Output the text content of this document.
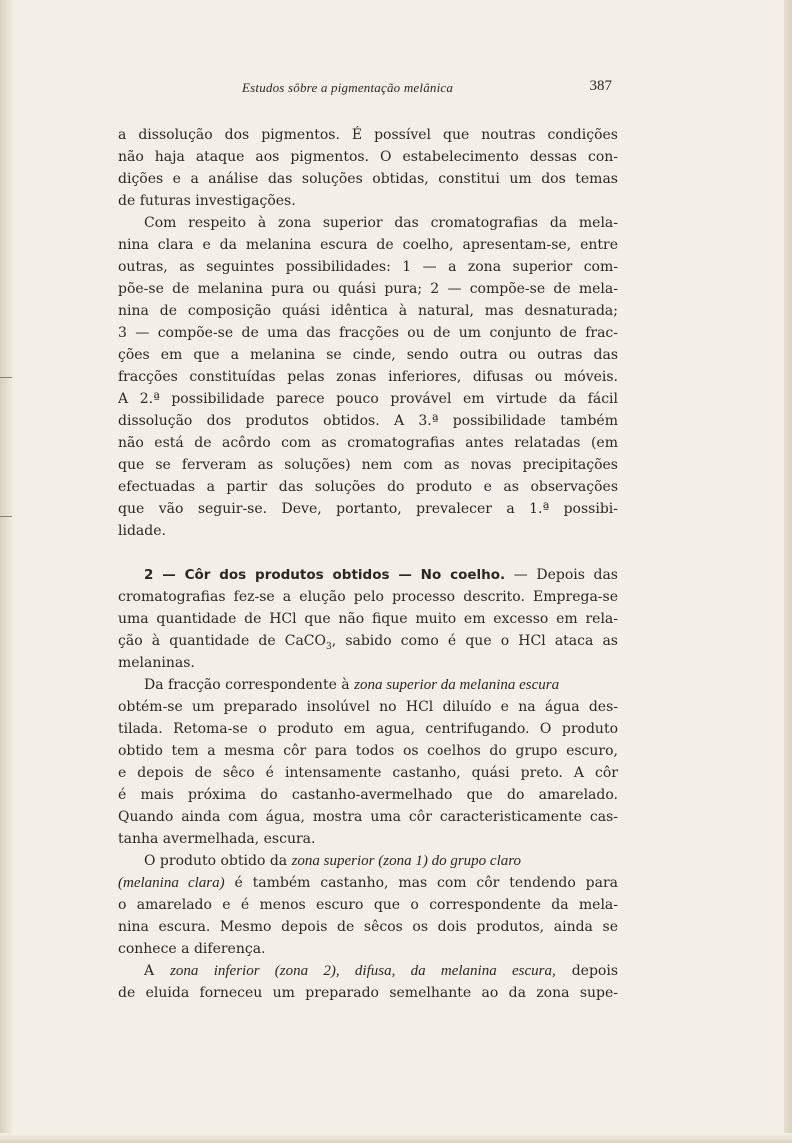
Estudos sôbre a pigmentação melânica	387
a dissolução dos pigmentos. É possível que noutras condições
não haja ataque aos pigmentos. O estabelecimento dessas con-
dições e a análise das soluções obtidas, constitui um dos temas
de futuras investigações.
Com respeito à zona superior das cromatografias da mela-
nina clara e da melanina escura de coelho, apresentam-se, entre
outras, as seguintes possibilidades: 1 — a zona superior com-
põe-se de melanina pura ou quási pura; 2 — compõe-se de mela-
nina de composição quási idêntica à natural, mas desnaturada;
3 — compõe-se de uma das fracções ou de um conjunto de frac-
ções em que a melanina se cinde, sendo outra ou outras das
fracções constituídas pelas zonas inferiores, difusas ou móveis.
A 2.ª possibilidade parece pouco provável em virtude da fácil
dissolução dos produtos obtidos. A 3.ª possibilidade também
não está de acôrdo com as cromatografias antes relatadas (em
que se ferveram as soluções) nem com as novas precipitações
efectuadas a partir das soluções do produto e as observações
que vão seguir-se. Deve, portanto, prevalecer a 1.ª possibi-
lidade.
2 — Côr dos produtos obtidos — No coelho. — Depois das
cromatografias fez-se a elução pelo processo descrito. Emprega-se
uma quantidade de HCl que não fique muito em excesso em rela-
ção à quantidade de CaCO$_3$, sabido como é que o HCl ataca as
melaninas.
Da fracção correspondente à zona superior da melanina escura
obtém-se um preparado insolúvel no HCl diluído e na água des-
tilada. Retoma-se o produto em agua, centrifugando. O produto
obtido tem a mesma côr para todos os coelhos do grupo escuro,
e depois de sêco é intensamente castanho, quási preto. A côr
é mais próxima do castanho-avermelhado que do amarelado.
Quando ainda com água, mostra uma côr caracteristicamente cas-
tanha avermelhada, escura.
O produto obtido da zona superior (zona 1) do grupo claro
(melanina clara) é também castanho, mas com côr tendendo para
o amarelado e é menos escuro que o correspondente da mela-
nina escura. Mesmo depois de sêcos os dois produtos, ainda se
conhece a diferença.
A zona inferior (zona 2), difusa, da melanina escura, depois
de eluida forneceu um preparado semelhante ao da zona supe-
